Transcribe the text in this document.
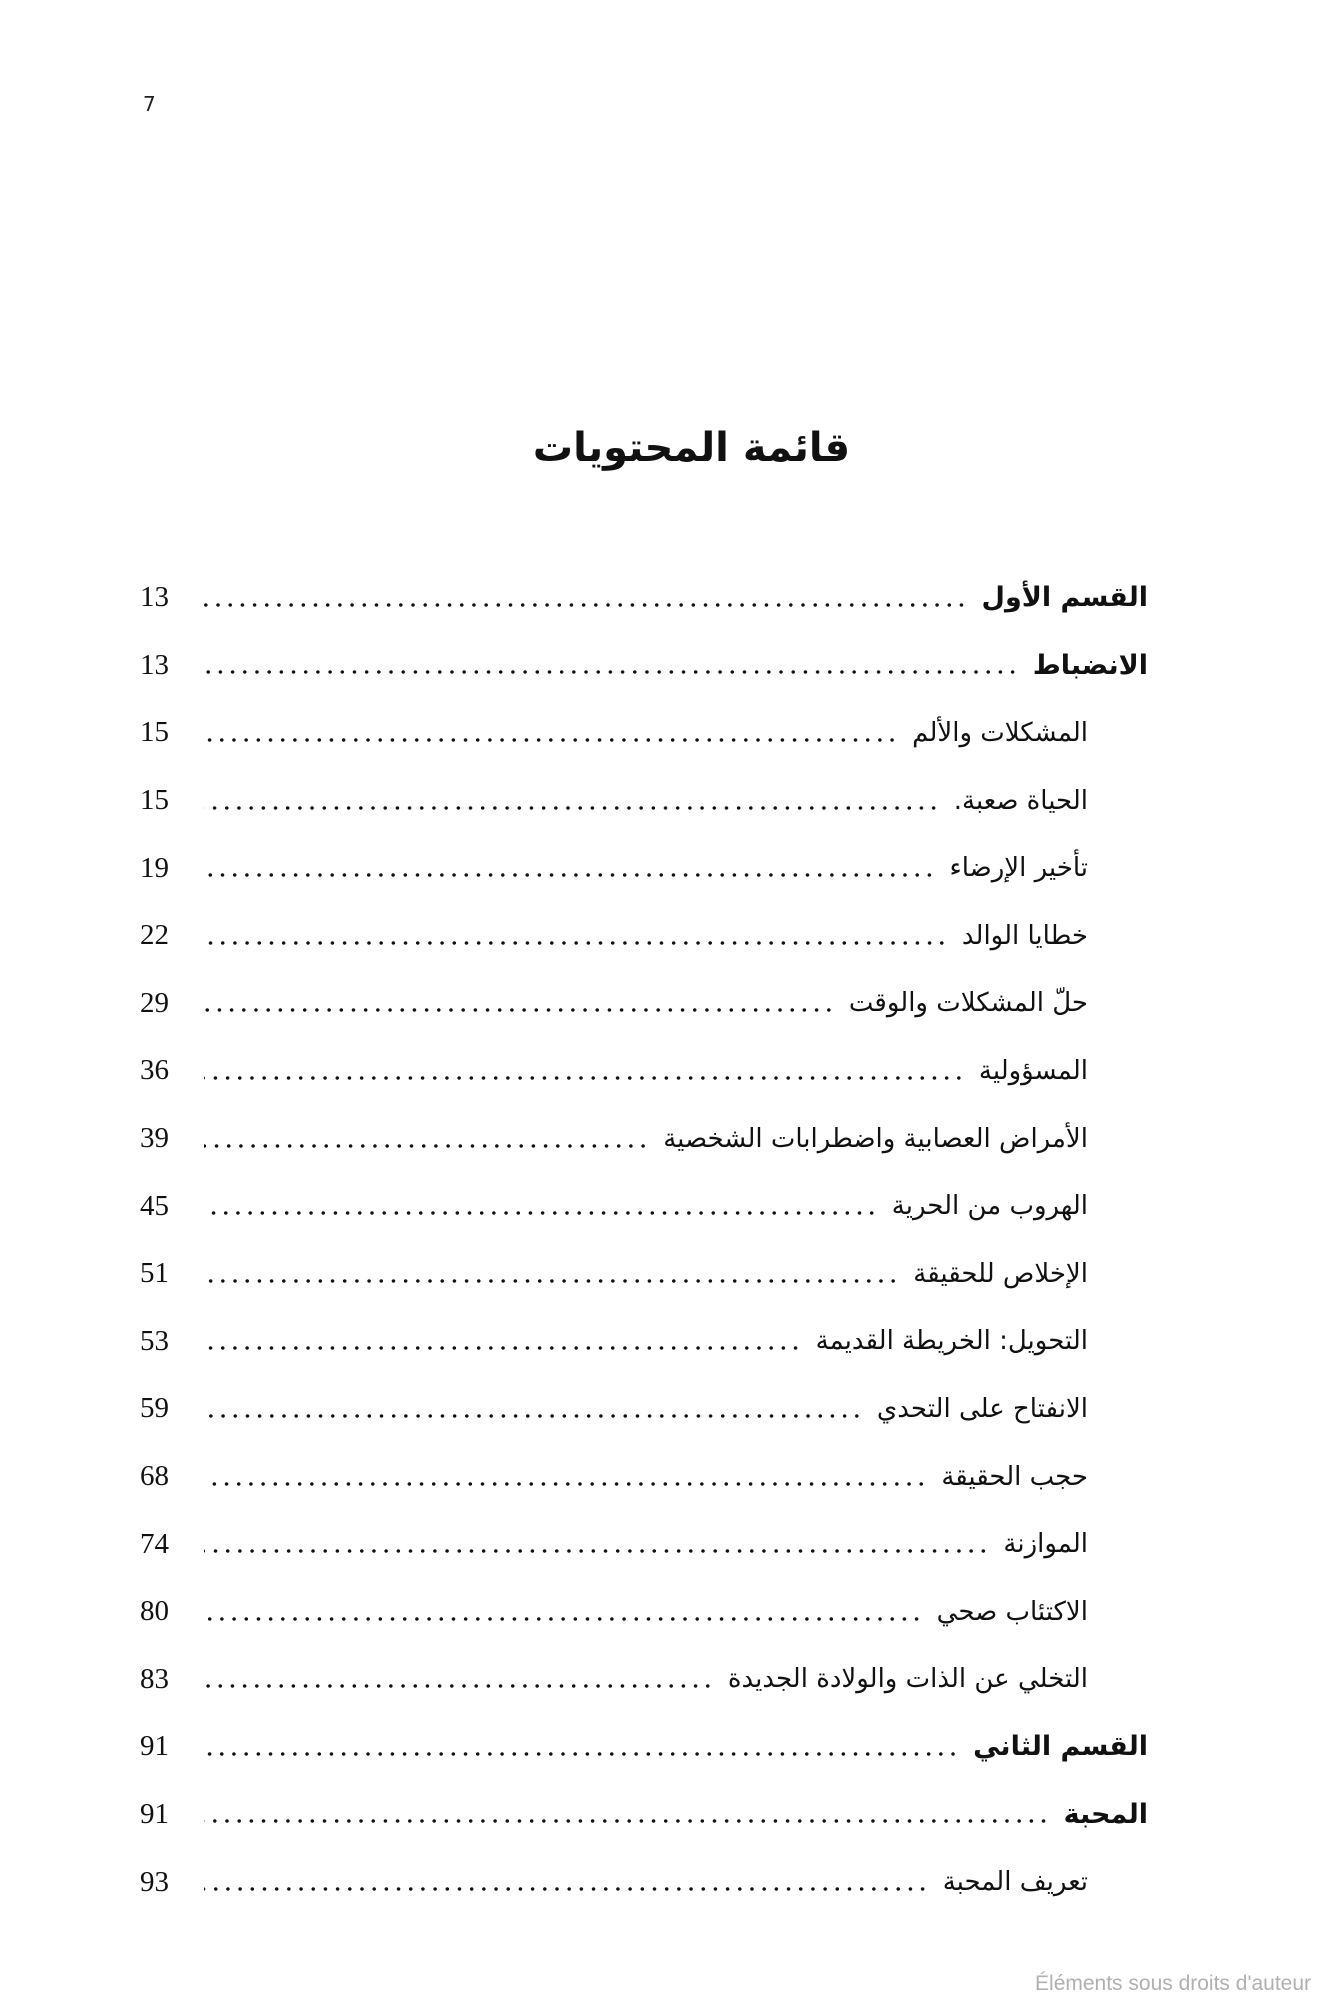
7
قائمة المحتويات
13	القسم الأول
13	الانضباط
15	المشكلات والألم
15	الحياة صعبة.
19	تأخير الإرضاء
22	خطايا الوالد
29	حلّ المشكلات والوقت
36	المسؤولية
39	الأمراض العصابية واضطرابات الشخصية
45	الهروب من الحرية
51	الإخلاص للحقيقة
53	التحويل: الخريطة القديمة
59	الانفتاح على التحدي
68	حجب الحقيقة
74	الموازنة
80	الاكتئاب صحي
83	التخلي عن الذات والولادة الجديدة
91	القسم الثاني
91	المحبة
93	تعريف المحبة
Éléments sous droits d'auteur
